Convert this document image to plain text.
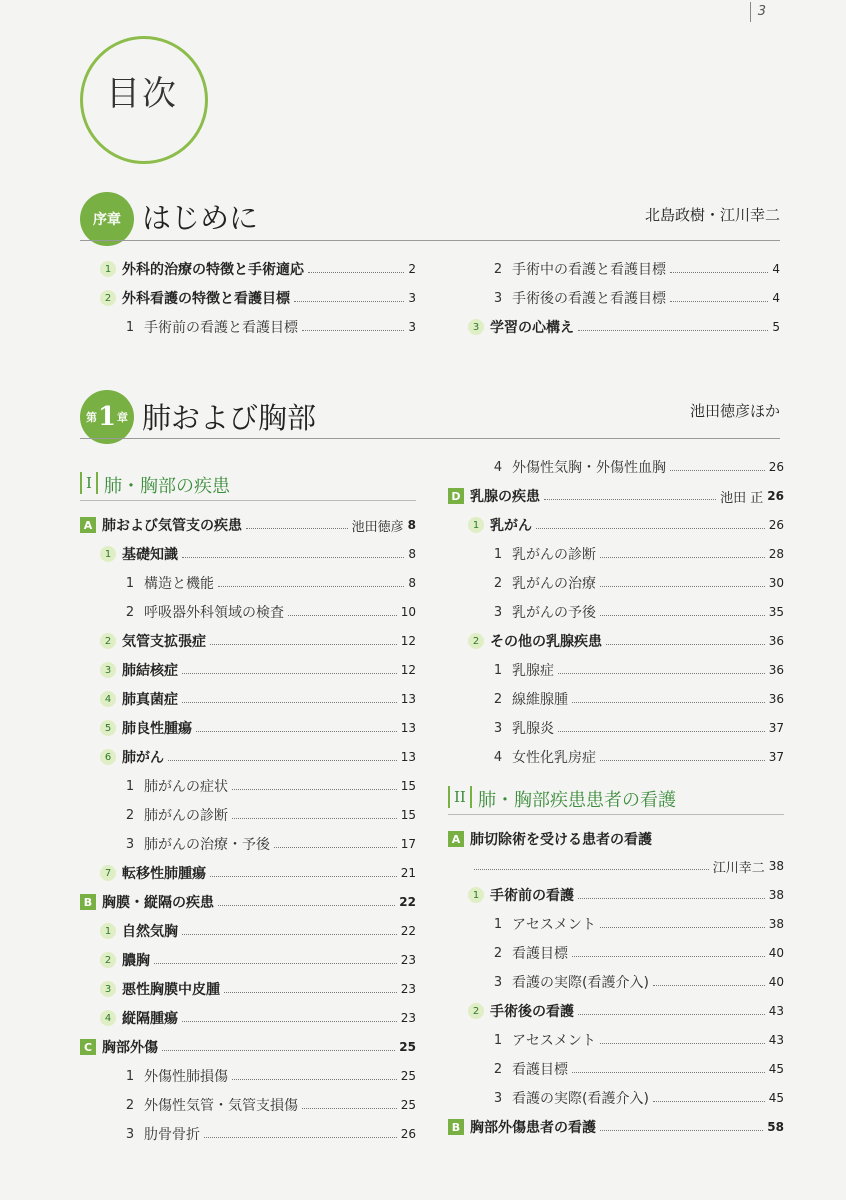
3
目次
序章 はじめに	北島政樹・江川幸二
1 外科的治療の特徴と手術適応	2
2 外科看護の特徴と看護目標	3
1 手術前の看護と看護目標	3
2 手術中の看護と看護目標	4
3 手術後の看護と看護目標	4
3 学習の心構え	5
第 1 章 肺および胸部	池田徳彦ほか
I 肺・胸部の疾患
A 肺および気管支の疾患	池田徳彦 8
1 基礎知識	8
1 構造と機能	8
2 呼吸器外科領域の検査	10
2 気管支拡張症	12
3 肺結核症	12
4 肺真菌症	13
5 肺良性腫瘍	13
6 肺がん	13
1 肺がんの症状	15
2 肺がんの診断	15
3 肺がんの治療・予後	17
7 転移性肺腫瘍	21
B 胸膜・縦隔の疾患	22
1 自然気胸	22
2 膿胸	23
3 悪性胸膜中皮腫	23
4 縦隔腫瘍	23
C 胸部外傷	25
1 外傷性肺損傷	25
2 外傷性気管・気管支損傷	25
3 肋骨骨折	26
4 外傷性気胸・外傷性血胸	26
D 乳腺の疾患	池田 正 26
1 乳がん	26
1 乳がんの診断	28
2 乳がんの治療	30
3 乳がんの予後	35
2 その他の乳腺疾患	36
1 乳腺症	36
2 線維腺腫	36
3 乳腺炎	37
4 女性化乳房症	37
II 肺・胸部疾患患者の看護
A 肺切除術を受ける患者の看護
江川幸二 38
1 手術前の看護	38
1 アセスメント	38
2 看護目標	40
3 看護の実際(看護介入)	40
2 手術後の看護	43
1 アセスメント	43
2 看護目標	45
3 看護の実際(看護介入)	45
B 胸部外傷患者の看護	58
